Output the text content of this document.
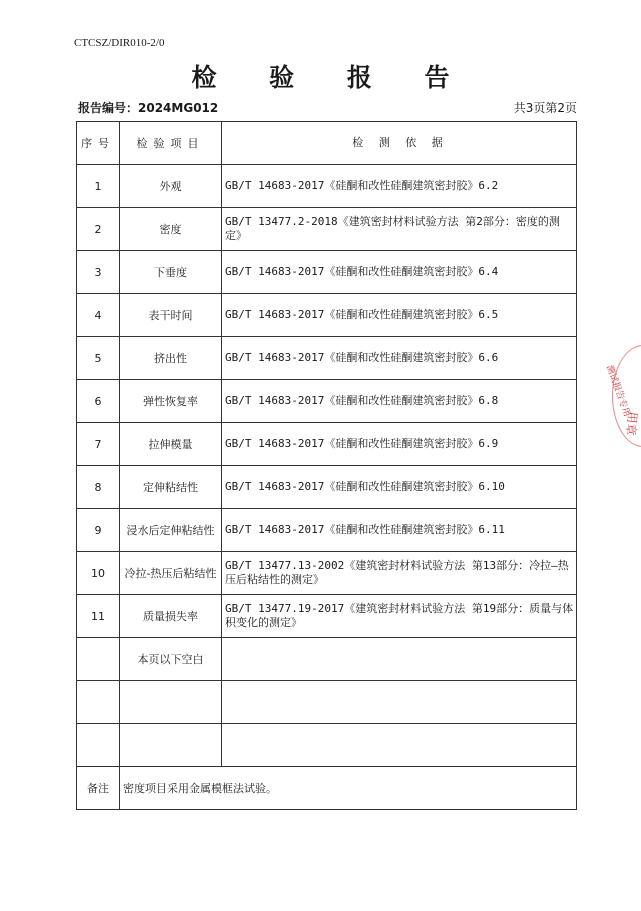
CTCSZ/DIR010-2/0
检 验 报 告
报告编号：2024MG012	共3页第2页
序号	检验项目	检 测 依 据
1	外观	GB/T 14683-2017《硅酮和改性硅酮建筑密封胶》6.2
2	密度	GB/T 13477.2-2018《建筑密封材料试验方法 第2部分：密度的测定》
3	下垂度	GB/T 14683-2017《硅酮和改性硅酮建筑密封胶》6.4
4	表干时间	GB/T 14683-2017《硅酮和改性硅酮建筑密封胶》6.5
5	挤出性	GB/T 14683-2017《硅酮和改性硅酮建筑密封胶》6.6
6	弹性恢复率	GB/T 14683-2017《硅酮和改性硅酮建筑密封胶》6.8
7	拉伸模量	GB/T 14683-2017《硅酮和改性硅酮建筑密封胶》6.9
8	定伸粘结性	GB/T 14683-2017《硅酮和改性硅酮建筑密封胶》6.10
9	浸水后定伸粘结性	GB/T 14683-2017《硅酮和改性硅酮建筑密封胶》6.11
10	冷拉-热压后粘结性	GB/T 13477.13-2002《建筑密封材料试验方法 第13部分：冷拉—热压后粘结性的测定》
11	质量损失率	GB/T 13477.19-2017《建筑密封材料试验方法 第19部分：质量与体积变化的测定》
	本页以下空白	

备注	密度项目采用金属模框法试验。	
测试报告专用
用章
